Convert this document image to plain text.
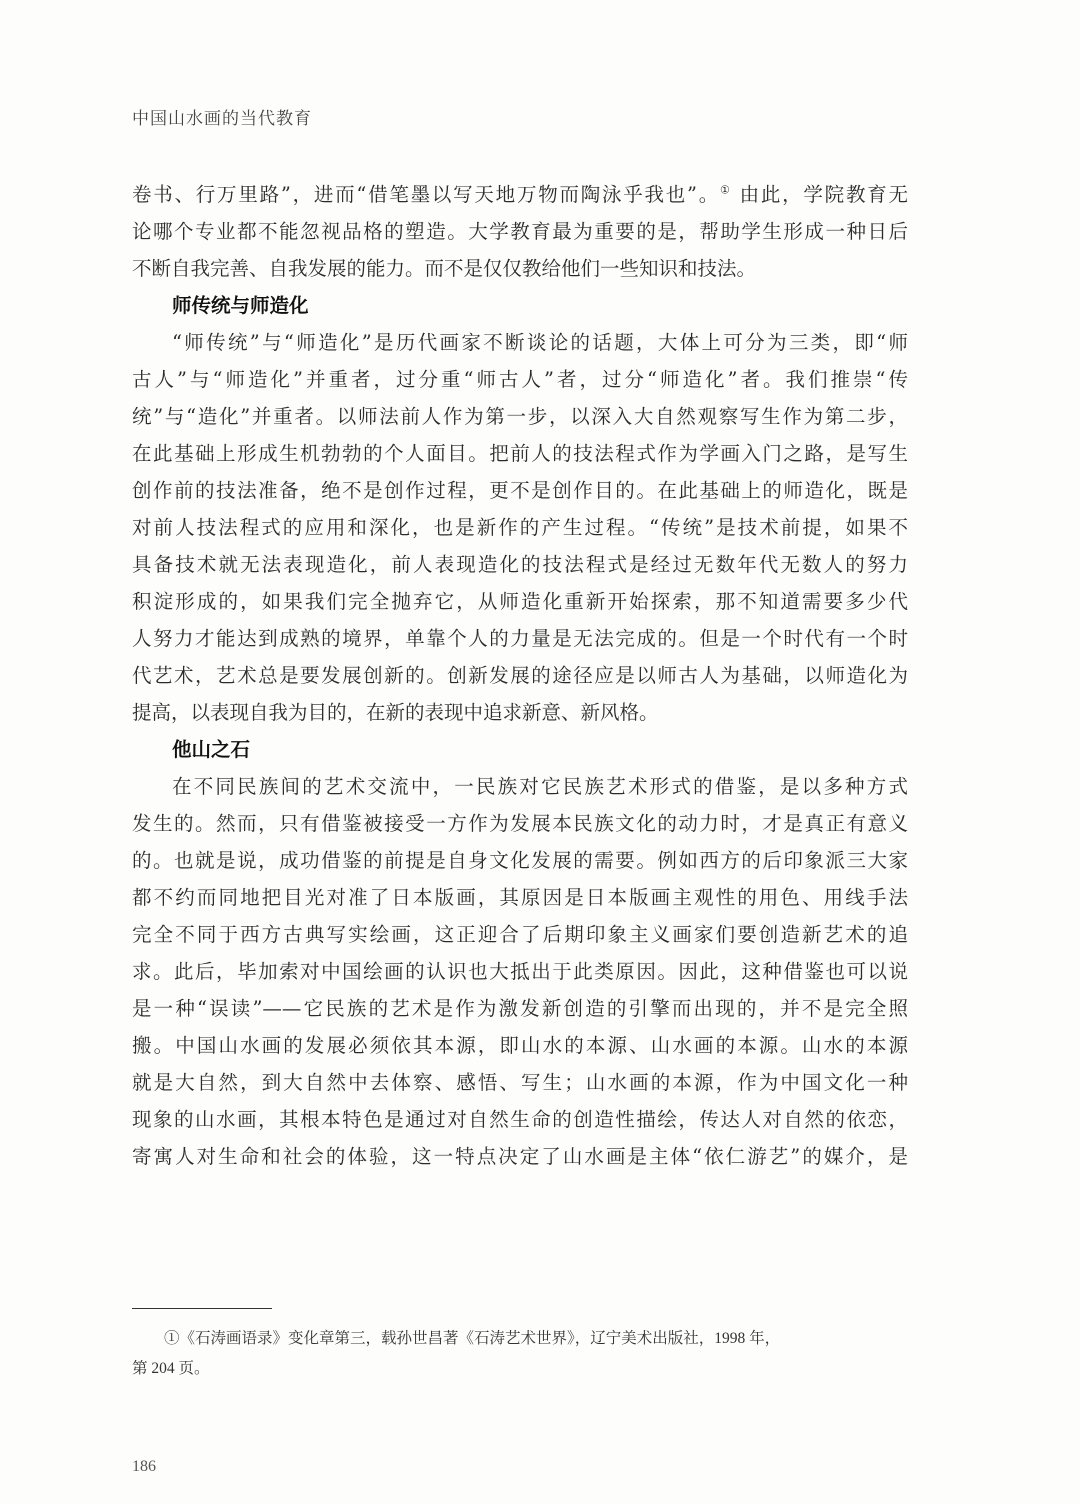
中国山水画的当代教育
卷书、行万里路”，进而“借笔墨以写天地万物而陶泳乎我也”。① 由此，学院教育无
论哪个专业都不能忽视品格的塑造。大学教育最为重要的是，帮助学生形成一种日后
不断自我完善、自我发展的能力。而不是仅仅教给他们一些知识和技法。
师传统与师造化
“师传统”与“师造化”是历代画家不断谈论的话题，大体上可分为三类，即“师
古人”与“师造化”并重者，过分重“师古人”者，过分“师造化”者。我们推崇“传
统”与“造化”并重者。以师法前人作为第一步，以深入大自然观察写生作为第二步，
在此基础上形成生机勃勃的个人面目。把前人的技法程式作为学画入门之路，是写生
创作前的技法准备，绝不是创作过程，更不是创作目的。在此基础上的师造化，既是
对前人技法程式的应用和深化，也是新作的产生过程。“传统”是技术前提，如果不
具备技术就无法表现造化，前人表现造化的技法程式是经过无数年代无数人的努力
积淀形成的，如果我们完全抛弃它，从师造化重新开始探索，那不知道需要多少代
人努力才能达到成熟的境界，单靠个人的力量是无法完成的。但是一个时代有一个时
代艺术，艺术总是要发展创新的。创新发展的途径应是以师古人为基础，以师造化为
提高，以表现自我为目的，在新的表现中追求新意、新风格。
他山之石
在不同民族间的艺术交流中，一民族对它民族艺术形式的借鉴，是以多种方式
发生的。然而，只有借鉴被接受一方作为发展本民族文化的动力时，才是真正有意义
的。也就是说，成功借鉴的前提是自身文化发展的需要。例如西方的后印象派三大家
都不约而同地把目光对准了日本版画，其原因是日本版画主观性的用色、用线手法
完全不同于西方古典写实绘画，这正迎合了后期印象主义画家们要创造新艺术的追
求。此后，毕加索对中国绘画的认识也大抵出于此类原因。因此，这种借鉴也可以说
是一种“误读”——它民族的艺术是作为激发新创造的引擎而出现的，并不是完全照
搬。中国山水画的发展必须依其本源，即山水的本源、山水画的本源。山水的本源
就是大自然，到大自然中去体察、感悟、写生；山水画的本源，作为中国文化一种
现象的山水画，其根本特色是通过对自然生命的创造性描绘，传达人对自然的依恋，
寄寓人对生命和社会的体验，这一特点决定了山水画是主体“依仁游艺”的媒介，是
①《石涛画语录》变化章第三，载孙世昌著《石涛艺术世界》，辽宁美术出版社，1998 年，
第 204 页。
186
